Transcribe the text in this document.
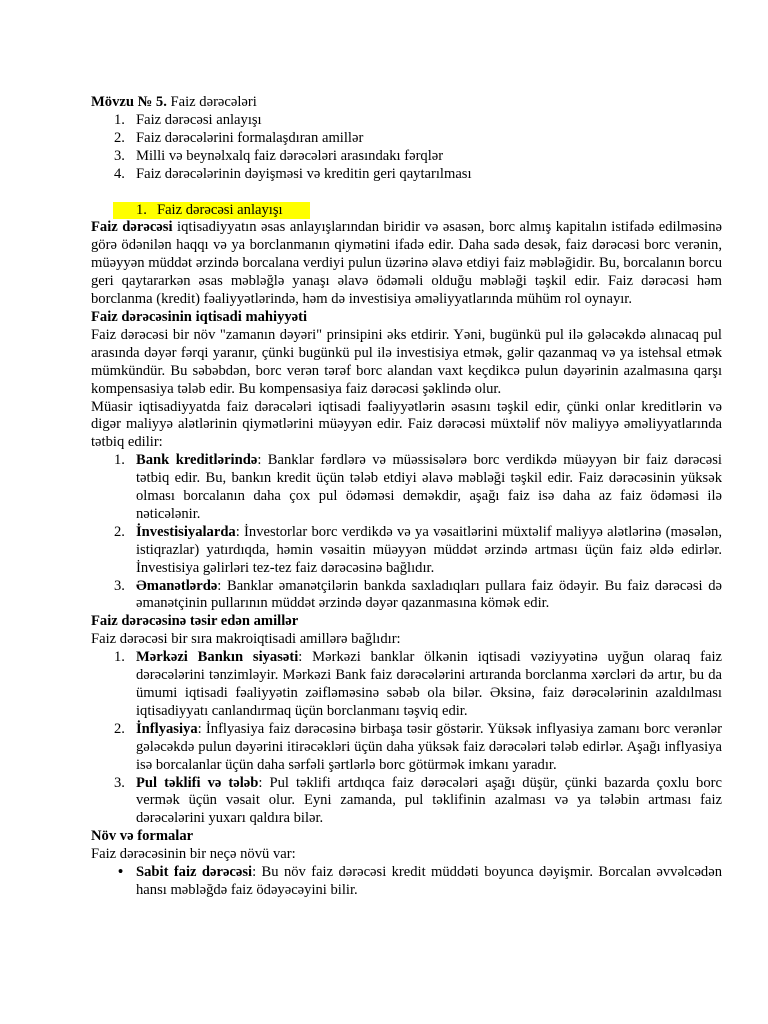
Mövzu № 5. Faiz dərəcələri

1. Faiz dərəcəsi anlayışı
2. Faiz dərəcələrini formalaşdıran amillər
3. Milli və beynəlxalq faiz dərəcələri arasındakı fərqlər
4. Faiz dərəcələrinin dəyişməsi və kreditin geri qaytarılması
1. Faiz dərəcəsi anlayışı

Faiz dərəcəsi iqtisadiyyatın əsas anlayışlarından biridir və əsasən, borc almış kapitalın istifadə edilməsinə görə ödənilən haqqı və ya borclanmanın qiymətini ifadə edir. Daha sadə desək, faiz dərəcəsi borc verənin, müəyyən müddət ərzində borcalana verdiyi pulun üzərinə əlavə etdiyi faiz məbləğidir. Bu, borcalanın borcu geri qaytararkən əsas məbləğlə yanaşı əlavə ödəməli olduğu məbləği təşkil edir. Faiz dərəcəsi həm borclanma (kredit) fəaliyyətlərində, həm də investisiya əməliyyatlarında mühüm rol oynayır.

Faiz dərəcəsinin iqtisadi mahiyyəti

Faiz dərəcəsi bir növ "zamanın dəyəri" prinsipini əks etdirir. Yəni, bugünkü pul ilə gələcəkdə alınacaq pul arasında dəyər fərqi yaranır, çünki bugünkü pul ilə investisiya etmək, gəlir qazanmaq və ya istehsal etmək mümkündür. Bu səbəbdən, borc verən tərəf borc alandan vaxt keçdikcə pulun dəyərinin azalmasına qarşı kompensasiya tələb edir. Bu kompensasiya faiz dərəcəsi şəklində olur.

Müasir iqtisadiyyatda faiz dərəcələri iqtisadi fəaliyyətlərin əsasını təşkil edir, çünki onlar kreditlərin və digər maliyyə alətlərinin qiymətlərini müəyyən edir. Faiz dərəcəsi müxtəlif növ maliyyə əməliyyatlarında tətbiq edilir:

1. Bank kreditlərində: Banklar fərdlərə və müəssisələrə borc verdikdə müəyyən bir faiz dərəcəsi tətbiq edir. Bu, bankın kredit üçün tələb etdiyi əlavə məbləği təşkil edir. Faiz dərəcəsinin yüksək olması borcalanın daha çox pul ödəməsi deməkdir, aşağı faiz isə daha az faiz ödəməsi ilə nəticələnir.
2. İnvestisiyalarda: İnvestorlar borc verdikdə və ya vəsaitlərini müxtəlif maliyyə alətlərinə (məsələn, istiqrazlar) yatırdıqda, həmin vəsaitin müəyyən müddət ərzində artması üçün faiz əldə edirlər. İnvestisiya gəlirləri tez-tez faiz dərəcəsinə bağlıdır.
3. Əmanətlərdə: Banklar əmanətçilərin bankda saxladıqları pullara faiz ödəyir. Bu faiz dərəcəsi də əmanətçinin pullarının müddət ərzində dəyər qazanmasına kömək edir.

Faiz dərəcəsinə təsir edən amillər

Faiz dərəcəsi bir sıra makroiqtisadi amillərə bağlıdır:

1. Mərkəzi Bankın siyasəti: Mərkəzi banklar ölkənin iqtisadi vəziyyətinə uyğun olaraq faiz dərəcələrini tənzimləyir. Mərkəzi Bank faiz dərəcələrini artıranda borclanma xərcləri də artır, bu da ümumi iqtisadi fəaliyyətin zəifləməsinə səbəb ola bilər. Əksinə, faiz dərəcələrinin azaldılması iqtisadiyyatı canlandırmaq üçün borclanmanı təşviq edir.
2. İnflyasiya: İnflyasiya faiz dərəcəsinə birbaşa təsir göstərir. Yüksək inflyasiya zamanı borc verənlər gələcəkdə pulun dəyərini itirəcəkləri üçün daha yüksək faiz dərəcələri tələb edirlər. Aşağı inflyasiya isə borcalanlar üçün daha sərfəli şərtlərlə borc götürmək imkanı yaradır.
3. Pul təklifi və tələb: Pul təklifi artdıqca faiz dərəcələri aşağı düşür, çünki bazarda çoxlu borc vermək üçün vəsait olur. Eyni zamanda, pul təklifinin azalması və ya tələbin artması faiz dərəcələrini yuxarı qaldıra bilər.

Növ və formalar

Faiz dərəcəsinin bir neçə növü var:

• Sabit faiz dərəcəsi: Bu növ faiz dərəcəsi kredit müddəti boyunca dəyişmir. Borcalan əvvəlcədən hansı məbləğdə faiz ödəyəcəyini bilir.
